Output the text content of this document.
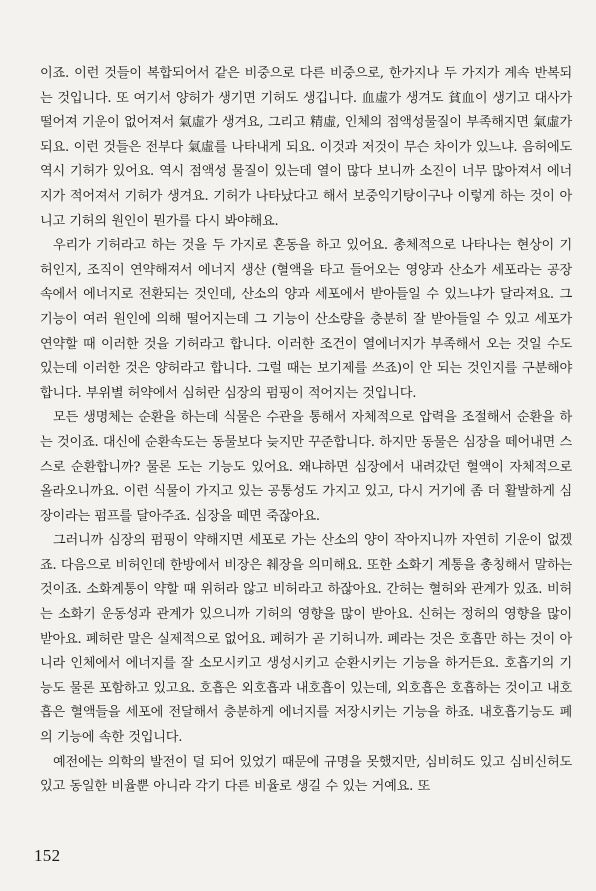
이죠. 이런 것들이 복합되어서 같은 비중으로 다른 비중으로, 한가지나 두 가지가 계속 반복되는 것입니다. 또 여기서 양허가 생기면 기허도 생깁니다. 血虛가 생겨도 貧血이 생기고 대사가 떨어져 기운이 없어져서 氣虛가 생겨요, 그리고 精虛, 인체의 점액성물질이 부족해지면 氣虛가 되요. 이런 것들은 전부다 氣虛를 나타내게 되요. 이것과 저것이 무슨 차이가 있느냐. 음허에도 역시 기허가 있어요. 역시 점액성 물질이 있는데 열이 많다 보니까 소진이 너무 많아져서 에너지가 적어져서 기허가 생겨요. 기허가 나타났다고 해서 보중익기탕이구나 이렇게 하는 것이 아니고 기허의 원인이 뭔가를 다시 봐야해요.

우리가 기허라고 하는 것을 두 가지로 혼동을 하고 있어요. 총체적으로 나타나는 현상이 기허인지, 조직이 연약해져서 에너지 생산 (혈액을 타고 들어오는 영양과 산소가 세포라는 공장 속에서 에너지로 전환되는 것인데, 산소의 양과 세포에서 받아들일 수 있느냐가 달라져요. 그 기능이 여러 원인에 의해 떨어지는데 그 기능이 산소량을 충분히 잘 받아들일 수 있고 세포가 연약할 때 이러한 것을 기허라고 합니다. 이러한 조건이 열에너지가 부족해서 오는 것일 수도 있는데 이러한 것은 양허라고 합니다. 그럴 때는 보기제를 쓰죠)이 안 되는 것인지를 구분해야 합니다. 부위별 허약에서 심허란 심장의 펌핑이 적어지는 것입니다.

모든 생명체는 순환을 하는데 식물은 수관을 통해서 자체적으로 압력을 조절해서 순환을 하는 것이죠. 대신에 순환속도는 동물보다 늦지만 꾸준합니다. 하지만 동물은 심장을 떼어내면 스스로 순환합니까? 물론 도는 기능도 있어요. 왜냐하면 심장에서 내려갔던 혈액이 자체적으로 올라오니까요. 이런 식물이 가지고 있는 공통성도 가지고 있고, 다시 거기에 좀 더 활발하게 심장이라는 펌프를 달아주죠. 심장을 떼면 죽잖아요.

그러니까 심장의 펌핑이 약해지면 세포로 가는 산소의 양이 작아지니까 자연히 기운이 없겠죠. 다음으로 비허인데 한방에서 비장은 췌장을 의미해요. 또한 소화기 계통을 총칭해서 말하는 것이죠. 소화계통이 약할 때 위허라 않고 비허라고 하잖아요. 간허는 혈허와 관계가 있죠. 비허는 소화기 운동성과 관계가 있으니까 기허의 영향을 많이 받아요. 신허는 정허의 영향을 많이 받아요. 폐허란 말은 실제적으로 없어요. 폐허가 곧 기허니까. 폐라는 것은 호흡만 하는 것이 아니라 인체에서 에너지를 잘 소모시키고 생성시키고 순환시키는 기능을 하거든요. 호흡기의 기능도 물론 포함하고 있고요. 호흡은 외호흡과 내호흡이 있는데, 외호흡은 호흡하는 것이고 내호흡은 혈액들을 세포에 전달해서 충분하게 에너지를 저장시키는 기능을 하죠. 내호흡기능도 폐의 기능에 속한 것입니다.

예전에는 의학의 발전이 덜 되어 있었기 때문에 규명을 못했지만, 심비허도 있고 심비신허도 있고 동일한 비율뿐 아니라 각기 다른 비율로 생길 수 있는 거예요. 또

152
